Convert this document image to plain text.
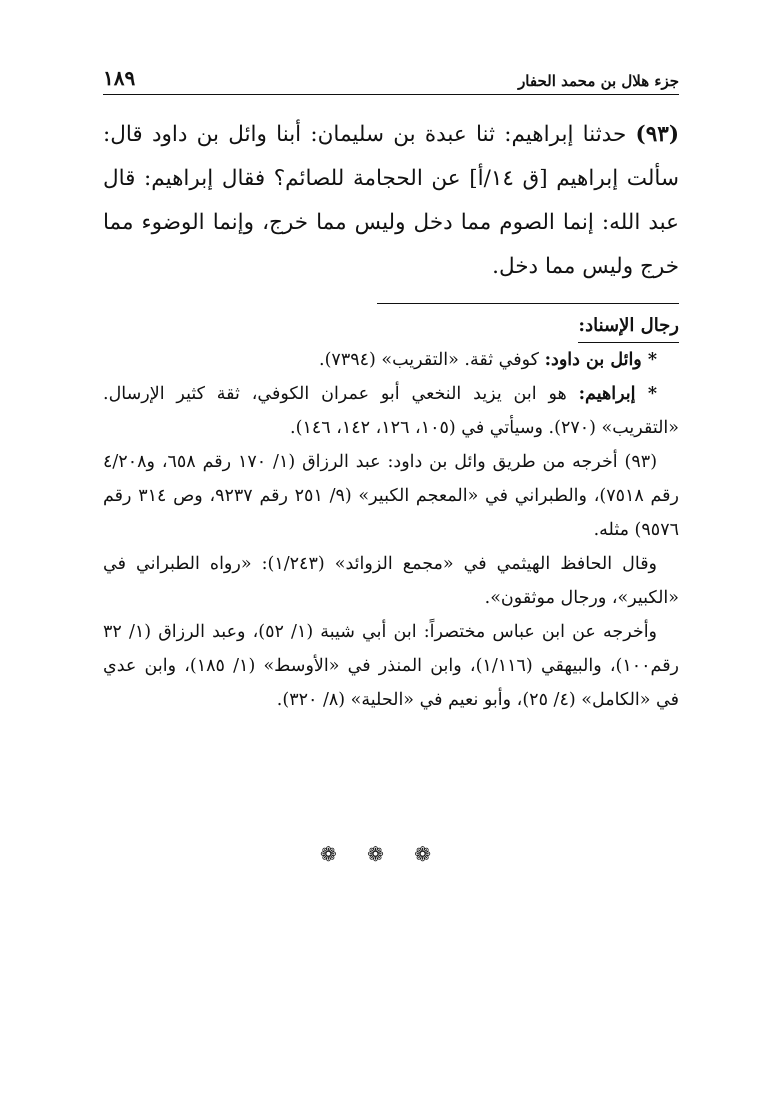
جزء هلال بن محمد الحفار
١٨٩
(٩٣) حدثنا إبراهيم: ثنا عبدة بن سليمان: أبنا وائل بن داود قال: سألت إبراهيم [ق ١٤/أ] عن الحجامة للصائم؟ فقال إبراهيم: قال عبد الله: إنما الصوم مما دخل وليس مما خرج، وإنما الوضوء مما خرج وليس مما دخل.
رجال الإسناد:

* وائل بن داود: كوفي ثقة. «التقريب» (٧٣٩٤).

* إبراهيم: هو ابن يزيد النخعي أبو عمران الكوفي، ثقة كثير الإرسال. «التقريب» (٢٧٠). وسيأتي في (١٠٥، ١٢٦، ١٤٢، ١٤٦).

(٩٣) أخرجه من طريق وائل بن داود: عبد الرزاق (١/ ١٧٠ رقم ٦٥٨، و٤/٢٠٨ رقم ٧٥١٨)، والطبراني في «المعجم الكبير» (٩/ ٢٥١ رقم ٩٢٣٧، وص ٣١٤ رقم ٩٥٧٦) مثله.

وقال الحافظ الهيثمي في «مجمع الزوائد» (١/٢٤٣): «رواه الطبراني في «الكبير»، ورجال موثقون».

وأخرجه عن ابن عباس مختصراً: ابن أبي شيبة (١/ ٥٢)، وعبد الرزاق (١/ ٣٢ رقم١٠٠)، والبيهقي (١/١١٦)، وابن المنذر في «الأوسط» (١/ ١٨٥)، وابن عدي في «الكامل» (٤/ ٢٥)، وأبو نعيم في «الحلية» (٨/ ٣٢٠).

❁ ❁ ❁
